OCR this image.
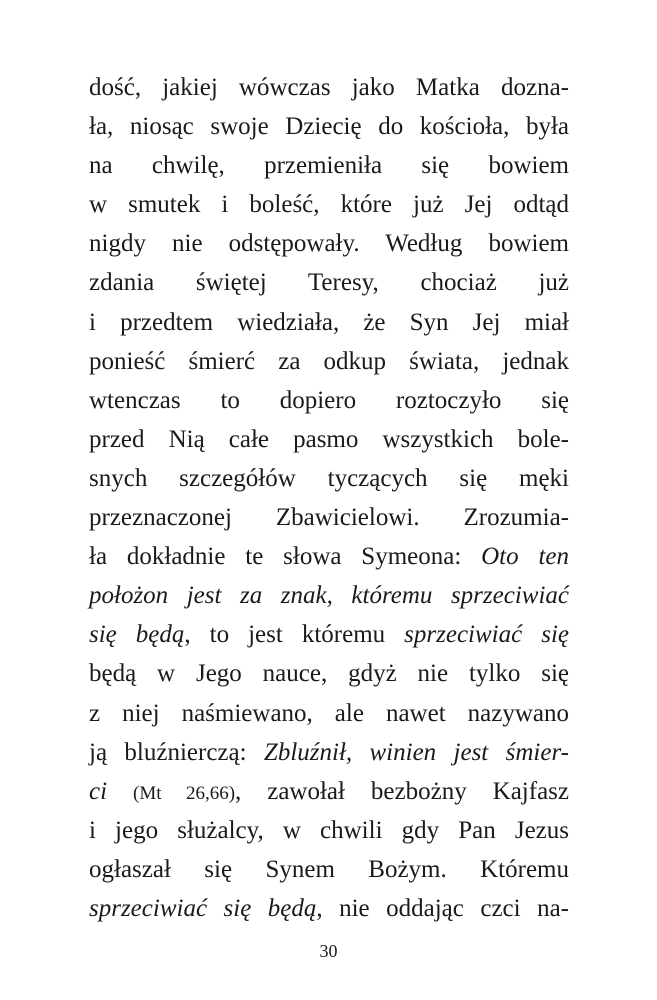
dość, jakiej wówczas jako Matka dozna-
ła, niosąc swoje Dziecię do kościoła, była
na chwilę, przemieniła się bowiem
w smutek i boleść, które już Jej odtąd
nigdy nie odstępowały. Według bowiem
zdania świętej Teresy, chociaż już
i przedtem wiedziała, że Syn Jej miał
ponieść śmierć za odkup świata, jednak
wtenczas to dopiero roztoczyło się
przed Nią całe pasmo wszystkich bole-
snych szczegółów tyczących się męki
przeznaczonej Zbawicielowi. Zrozumia-
ła dokładnie te słowa Symeona: Oto ten
położon jest za znak, któremu sprzeciwiać
się będą, to jest któremu sprzeciwiać się
będą w Jego nauce, gdyż nie tylko się
z niej naśmiewano, ale nawet nazywano
ją bluźnierczą: Zbluźnił, winien jest śmier-
ci (Mt 26,66), zawołał bezbożny Kajfasz
i jego służalcy, w chwili gdy Pan Jezus
ogłaszał się Synem Bożym. Któremu
sprzeciwiać się będą, nie oddając czci na-
30
